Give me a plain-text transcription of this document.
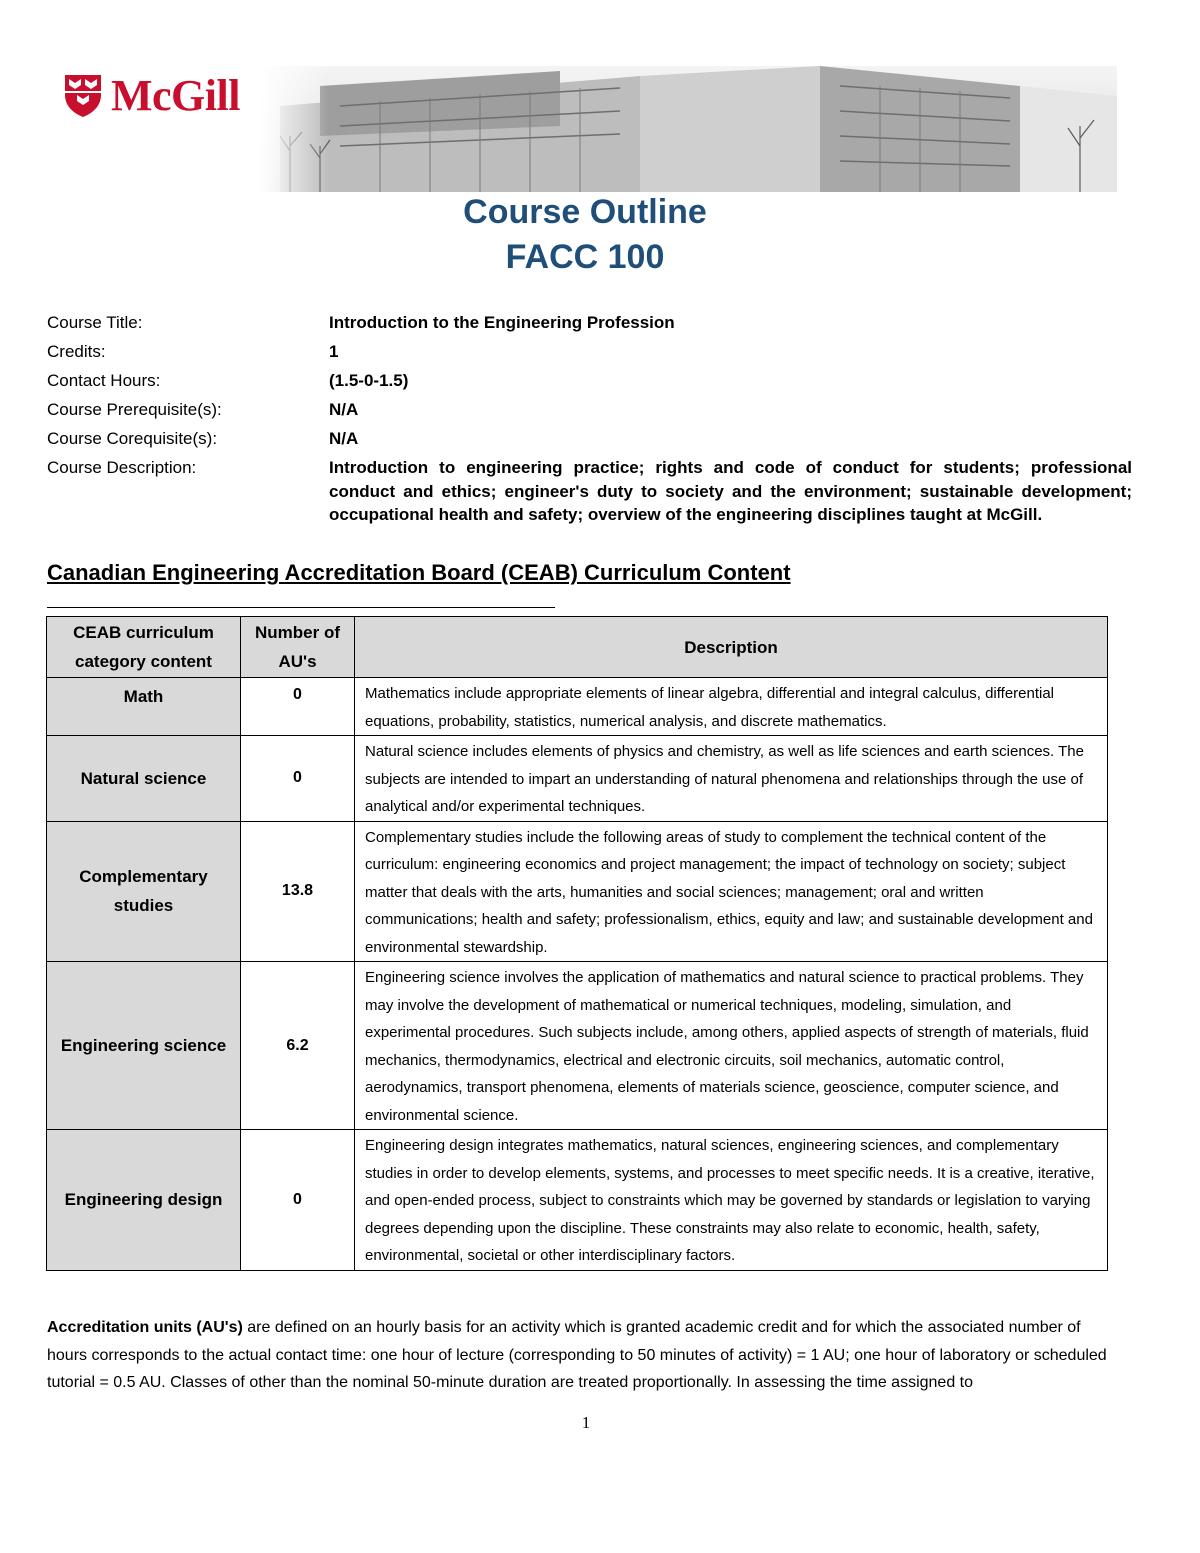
McGill
Course Outline
FACC 100
Course Title:	Introduction to the Engineering Profession
Credits:	1
Contact Hours:	(1.5-0-1.5)
Course Prerequisite(s):	N/A
Course Corequisite(s):	N/A
Course Description:	Introduction to engineering practice; rights and code of conduct for students; professional conduct and ethics; engineer's duty to society and the environment; sustainable development; occupational health and safety; overview of the engineering disciplines taught at McGill.
Canadian Engineering Accreditation Board (CEAB) Curriculum Content
CEAB curriculum category content	Number of AU's	Description
Math	0	Mathematics include appropriate elements of linear algebra, differential and integral calculus, differential equations, probability, statistics, numerical analysis, and discrete mathematics.
Natural science	0	Natural science includes elements of physics and chemistry, as well as life sciences and earth sciences. The subjects are intended to impart an understanding of natural phenomena and relationships through the use of analytical and/or experimental techniques.
Complementary studies	13.8	Complementary studies include the following areas of study to complement the technical content of the curriculum: engineering economics and project management; the impact of technology on society; subject matter that deals with the arts, humanities and social sciences; management; oral and written communications; health and safety; professionalism, ethics, equity and law; and sustainable development and environmental stewardship.
Engineering science	6.2	Engineering science involves the application of mathematics and natural science to practical problems. They may involve the development of mathematical or numerical techniques, modeling, simulation, and experimental procedures. Such subjects include, among others, applied aspects of strength of materials, fluid mechanics, thermodynamics, electrical and electronic circuits, soil mechanics, automatic control, aerodynamics, transport phenomena, elements of materials science, geoscience, computer science, and environmental science.
Engineering design	0	Engineering design integrates mathematics, natural sciences, engineering sciences, and complementary studies in order to develop elements, systems, and processes to meet specific needs. It is a creative, iterative, and open-ended process, subject to constraints which may be governed by standards or legislation to varying degrees depending upon the discipline. These constraints may also relate to economic, health, safety, environmental, societal or other interdisciplinary factors.
Accreditation units (AU's) are defined on an hourly basis for an activity which is granted academic credit and for which the associated number of hours corresponds to the actual contact time: one hour of lecture (corresponding to 50 minutes of activity) = 1 AU; one hour of laboratory or scheduled tutorial = 0.5 AU. Classes of other than the nominal 50-minute duration are treated proportionally. In assessing the time assigned to
1
